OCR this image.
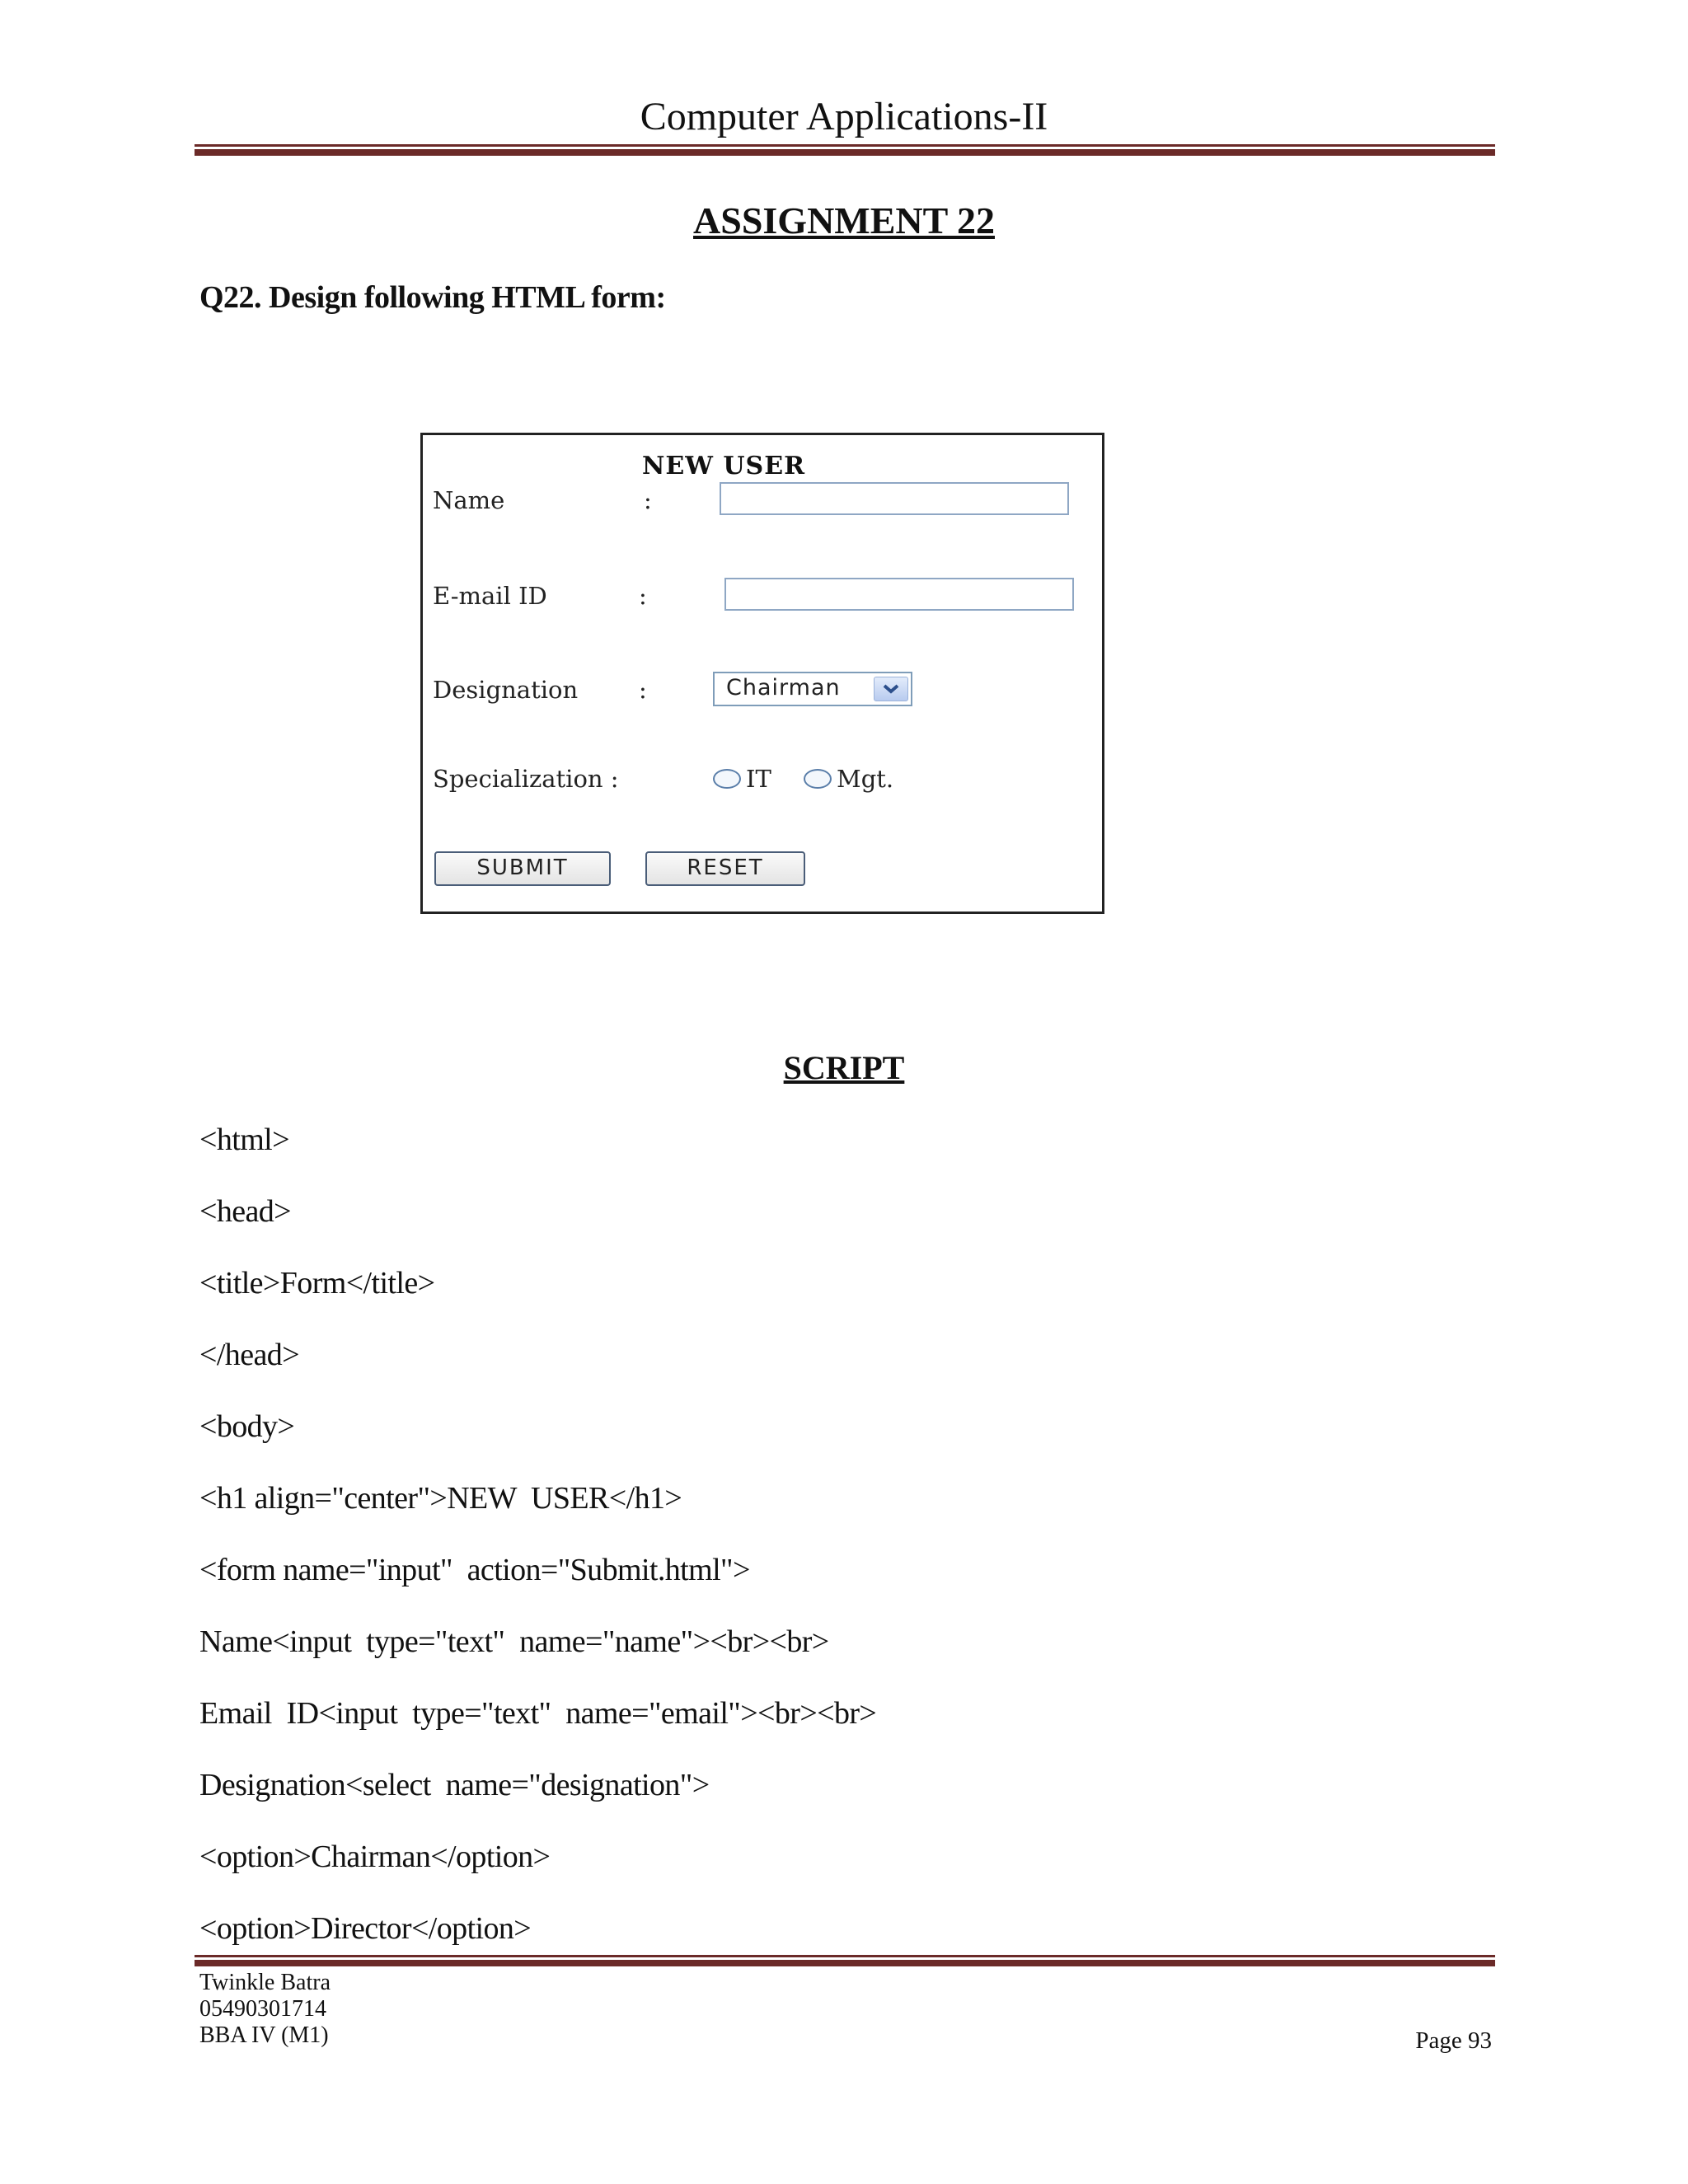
Computer Applications-II
ASSIGNMENT 22
Q22. Design following HTML form:
NEW USER
Name	:
E-mail ID	:
Designation	:	Chairman
Specialization :	IT	Mgt.
SUBMIT	RESET
SCRIPT
<html>
<head>
<title>Form</title>
</head>
<body>
<h1 align="center">NEW  USER</h1>
<form name="input"  action="Submit.html">
Name<input  type="text"  name="name"><br><br>
Email  ID<input  type="text"  name="email"><br><br>
Designation<select  name="designation">
<option>Chairman</option>
<option>Director</option>
Twinkle Batra
05490301714
BBA IV (M1)	Page 93
